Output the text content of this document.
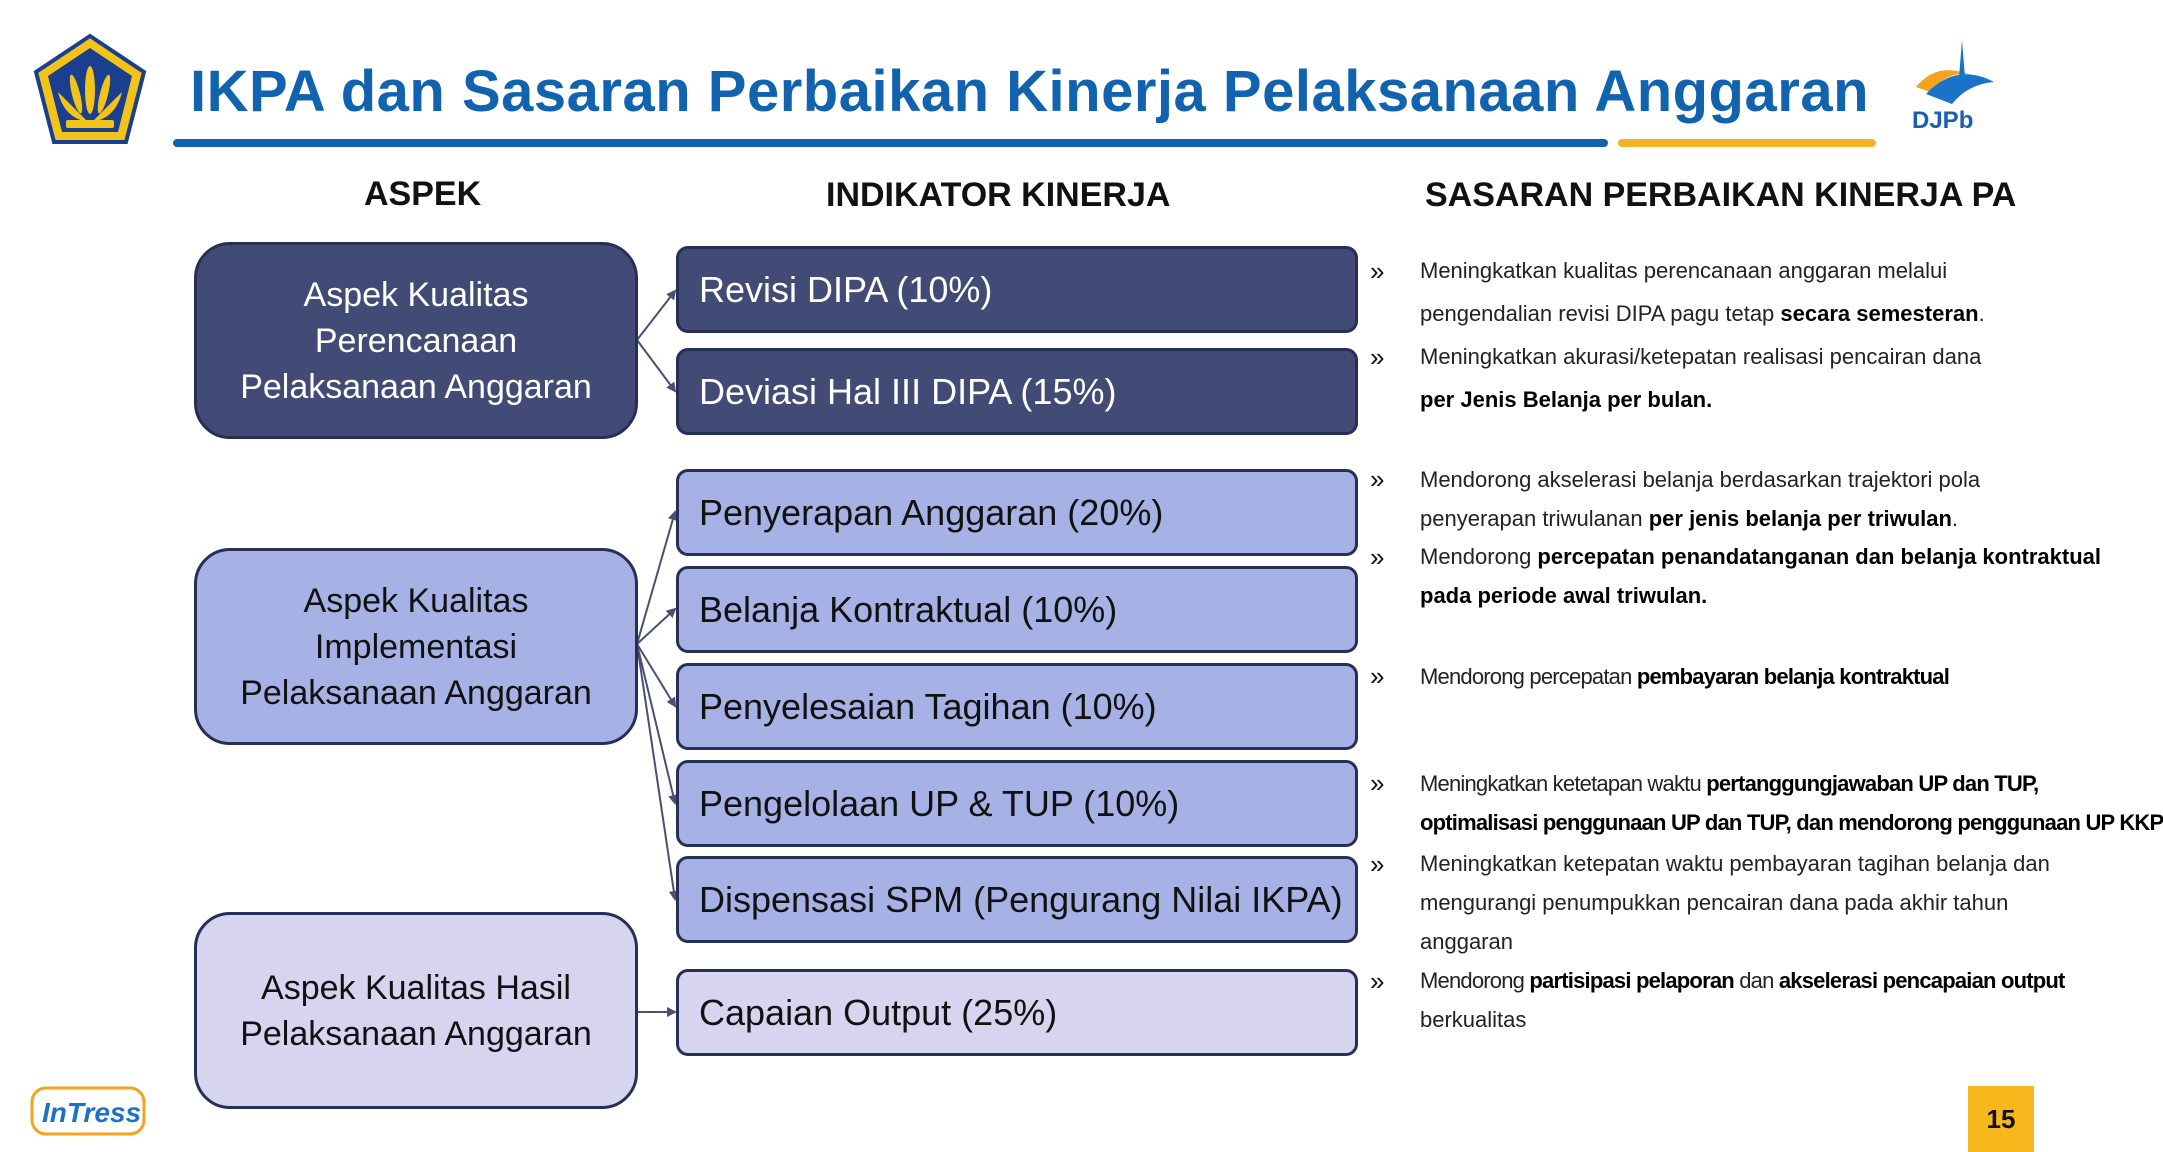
IKPA dan Sasaran Perbaikan Kinerja Pelaksanaan Anggaran DJPb
ASPEK	INDIKATOR KINERJA	SASARAN PERBAIKAN KINERJA PA
Aspek Kualitas
Perencanaan
Pelaksanaan Anggaran
Aspek Kualitas
Implementasi
Pelaksanaan Anggaran
Aspek Kualitas Hasil
Pelaksanaan Anggaran
Revisi DIPA (10%)
Deviasi Hal III DIPA (15%)
Penyerapan Anggaran (20%)
Belanja Kontraktual (10%)
Penyelesaian Tagihan (10%)
Pengelolaan UP & TUP (10%)
Dispensasi SPM (Pengurang Nilai IKPA)
Capaian Output (25%)
» Meningkatkan kualitas perencanaan anggaran melalui
pengendalian revisi DIPA pagu tetap secara semesteran.
» Meningkatkan akurasi/ketepatan realisasi pencairan dana
per Jenis Belanja per bulan.
» Mendorong akselerasi belanja berdasarkan trajektori pola
penyerapan triwulanan per jenis belanja per triwulan.
» Mendorong percepatan penandatanganan dan belanja kontraktual
pada periode awal triwulan.
» Mendorong percepatan pembayaran belanja kontraktual
» Meningkatkan ketetapan waktu pertanggungjawaban UP dan TUP,
optimalisasi penggunaan UP dan TUP, dan mendorong penggunaan UP KKP
» Meningkatkan ketepatan waktu pembayaran tagihan belanja dan
mengurangi penumpukkan pencairan dana pada akhir tahun
anggaran
» Mendorong partisipasi pelaporan dan akselerasi pencapaian output
berkualitas
InTress	15
